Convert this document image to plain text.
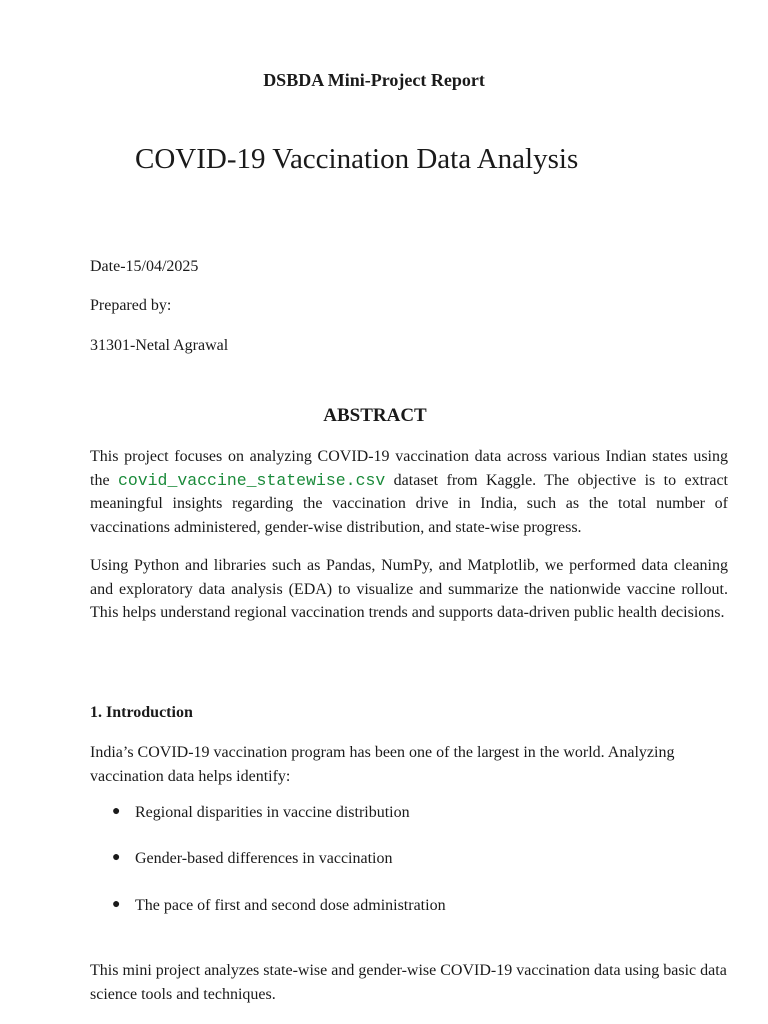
DSBDA Mini-Project Report
COVID-19 Vaccination Data Analysis

Date-15/04/2025

Prepared by:

31301-Netal Agrawal

ABSTRACT

This project focuses on analyzing COVID-19 vaccination data across various Indian states using the covid_vaccine_statewise.csv dataset from Kaggle. The objective is to extract meaningful insights regarding the vaccination drive in India, such as the total number of vaccinations administered, gender-wise distribution, and state-wise progress.

Using Python and libraries such as Pandas, NumPy, and Matplotlib, we performed data cleaning and exploratory data analysis (EDA) to visualize and summarize the nationwide vaccine rollout. This helps understand regional vaccination trends and supports data-driven public health decisions.

1. Introduction

India’s COVID-19 vaccination program has been one of the largest in the world. Analyzing vaccination data helps identify:

● Regional disparities in vaccine distribution
● Gender-based differences in vaccination
● The pace of first and second dose administration

This mini project analyzes state-wise and gender-wise COVID-19 vaccination data using basic data science tools and techniques.
